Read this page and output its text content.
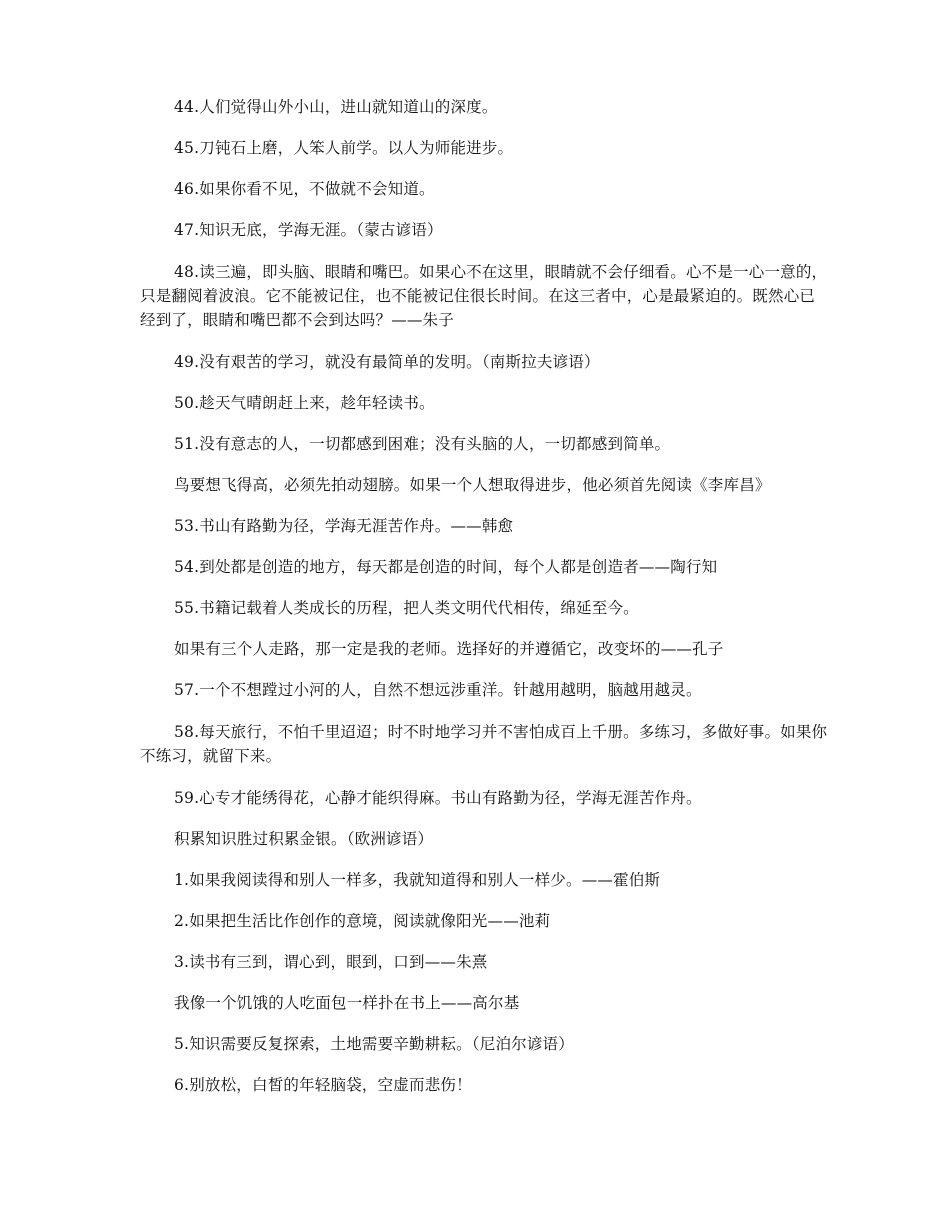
44.人们觉得山外小山，进山就知道山的深度。

45.刀钝石上磨，人笨人前学。以人为师能进步。

46.如果你看不见，不做就不会知道。

47.知识无底，学海无涯。（蒙古谚语）

48.读三遍，即头脑、眼睛和嘴巴。如果心不在这里，眼睛就不会仔细看。心不是一心一意的，只是翻阅着波浪。它不能被记住，也不能被记住很长时间。在这三者中，心是最紧迫的。既然心已经到了，眼睛和嘴巴都不会到达吗？——朱子

49.没有艰苦的学习，就没有最简单的发明。（南斯拉夫谚语）

50.趁天气晴朗赶上来，趁年轻读书。

51.没有意志的人，一切都感到困难；没有头脑的人，一切都感到简单。

鸟要想飞得高，必须先拍动翅膀。如果一个人想取得进步，他必须首先阅读《李库昌》

53.书山有路勤为径，学海无涯苦作舟。——韩愈

54.到处都是创造的地方，每天都是创造的时间，每个人都是创造者——陶行知

55.书籍记载着人类成长的历程，把人类文明代代相传，绵延至今。

如果有三个人走路，那一定是我的老师。选择好的并遵循它，改变坏的——孔子

57.一个不想蹚过小河的人，自然不想远涉重洋。针越用越明，脑越用越灵。

58.每天旅行，不怕千里迢迢；时不时地学习并不害怕成百上千册。多练习，多做好事。如果你不练习，就留下来。

59.心专才能绣得花，心静才能织得麻。书山有路勤为径，学海无涯苦作舟。

积累知识胜过积累金银。（欧洲谚语）

1.如果我阅读得和别人一样多，我就知道得和别人一样少。——霍伯斯

2.如果把生活比作创作的意境，阅读就像阳光——池莉

3.读书有三到，谓心到，眼到，口到——朱熹

我像一个饥饿的人吃面包一样扑在书上——高尔基

5.知识需要反复探索，土地需要辛勤耕耘。（尼泊尔谚语）

6.别放松，白皙的年轻脑袋，空虚而悲伤！
